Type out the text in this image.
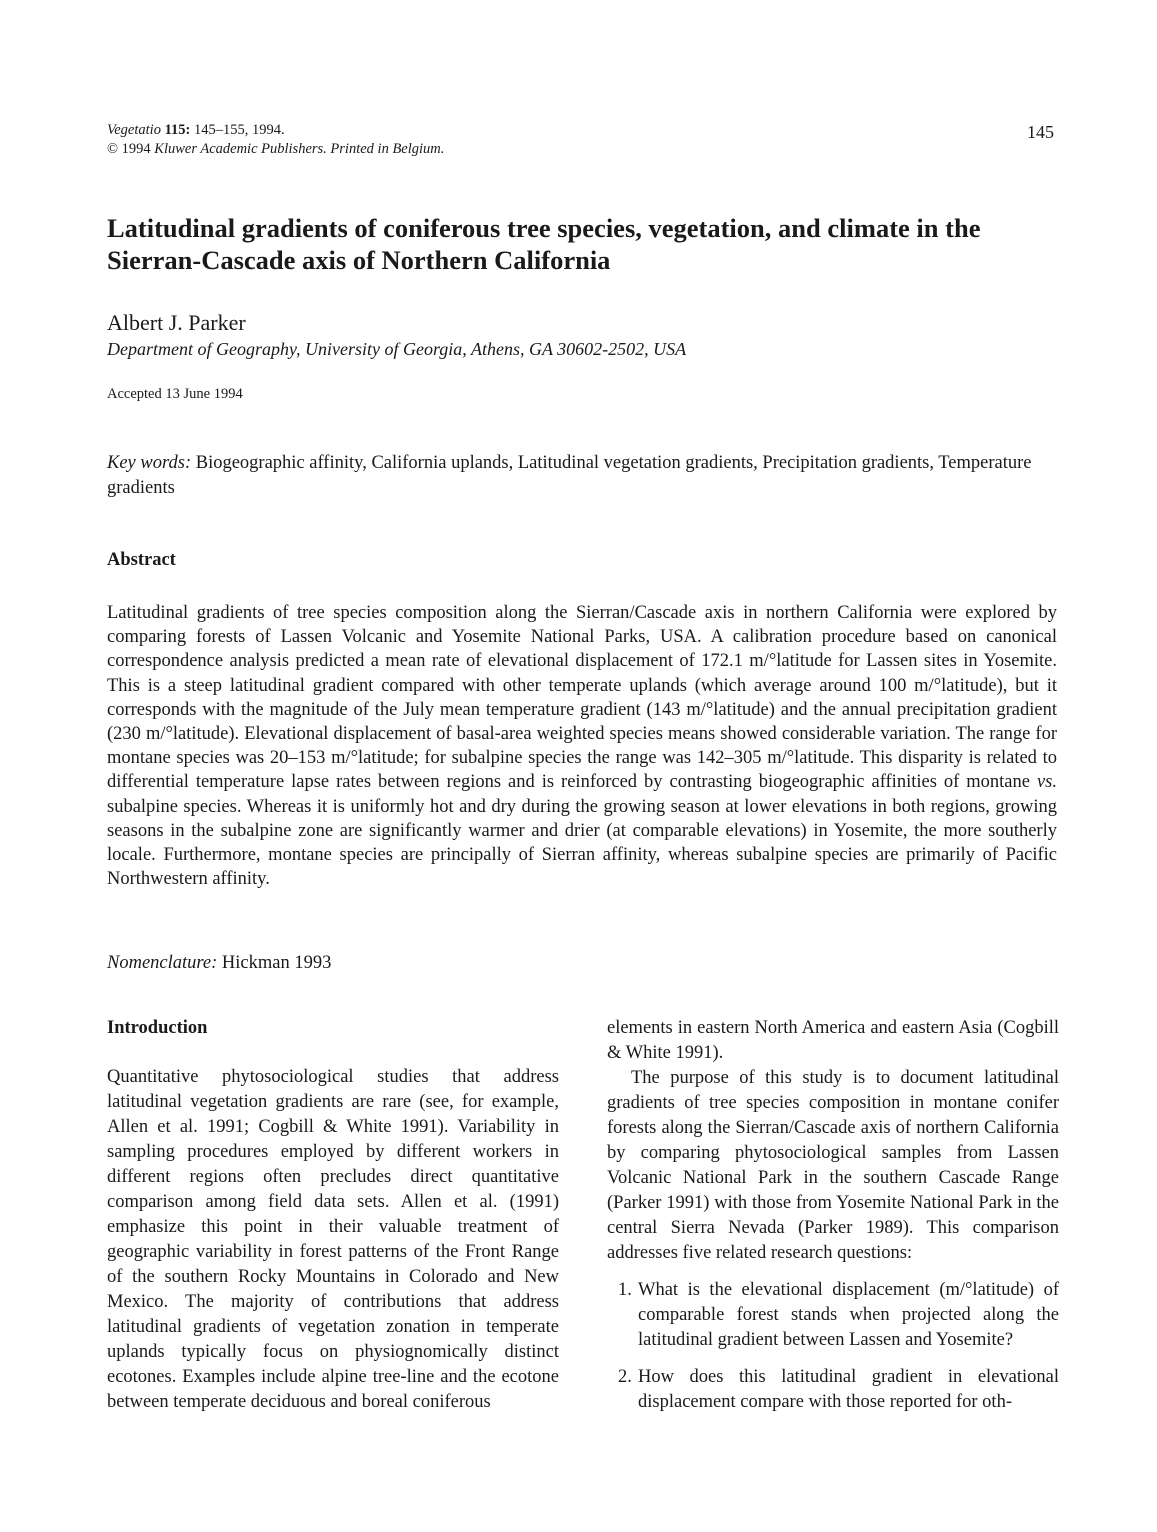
Vegetatio 115: 145–155, 1994.
© 1994 Kluwer Academic Publishers. Printed in Belgium.
145
Latitudinal gradients of coniferous tree species, vegetation, and climate in the Sierran-Cascade axis of Northern California
Albert J. Parker
Department of Geography, University of Georgia, Athens, GA 30602-2502, USA
Accepted 13 June 1994

Key words: Biogeographic affinity, California uplands, Latitudinal vegetation gradients, Precipitation gradients, Temperature gradients

Abstract

Latitudinal gradients of tree species composition along the Sierran/Cascade axis in northern California were explored by comparing forests of Lassen Volcanic and Yosemite National Parks, USA. A calibration procedure based on canonical correspondence analysis predicted a mean rate of elevational displacement of 172.1 m/°latitude for Lassen sites in Yosemite. This is a steep latitudinal gradient compared with other temperate uplands (which average around 100 m/°latitude), but it corresponds with the magnitude of the July mean temperature gradient (143 m/°latitude) and the annual precipitation gradient (230 m/°latitude). Elevational displacement of basal-area weighted species means showed considerable variation. The range for montane species was 20–153 m/°latitude; for subalpine species the range was 142–305 m/°latitude. This disparity is related to differential temperature lapse rates between regions and is reinforced by contrasting biogeographic affinities of montane vs. subalpine species. Whereas it is uniformly hot and dry during the growing season at lower elevations in both regions, growing seasons in the subalpine zone are significantly warmer and drier (at comparable elevations) in Yosemite, the more southerly locale. Furthermore, montane species are principally of Sierran affinity, whereas subalpine species are primarily of Pacific Northwestern affinity.

Nomenclature: Hickman 1993

Introduction

Quantitative phytosociological studies that address latitudinal vegetation gradients are rare (see, for example, Allen et al. 1991; Cogbill & White 1991). Variability in sampling procedures employed by different workers in different regions often precludes direct quantitative comparison among field data sets. Allen et al. (1991) emphasize this point in their valuable treatment of geographic variability in forest patterns of the Front Range of the southern Rocky Mountains in Colorado and New Mexico. The majority of contributions that address latitudinal gradients of vegetation zonation in temperate uplands typically focus on physiognomically distinct ecotones. Examples include alpine tree-line and the ecotone between temperate deciduous and boreal coniferous

elements in eastern North America and eastern Asia (Cogbill & White 1991).

The purpose of this study is to document latitudinal gradients of tree species composition in montane conifer forests along the Sierran/Cascade axis of northern California by comparing phytosociological samples from Lassen Volcanic National Park in the southern Cascade Range (Parker 1991) with those from Yosemite National Park in the central Sierra Nevada (Parker 1989). This comparison addresses five related research questions:

1. What is the elevational displacement (m/°latitude) of comparable forest stands when projected along the latitudinal gradient between Lassen and Yosemite?
2. How does this latitudinal gradient in elevational displacement compare with those reported for oth-
